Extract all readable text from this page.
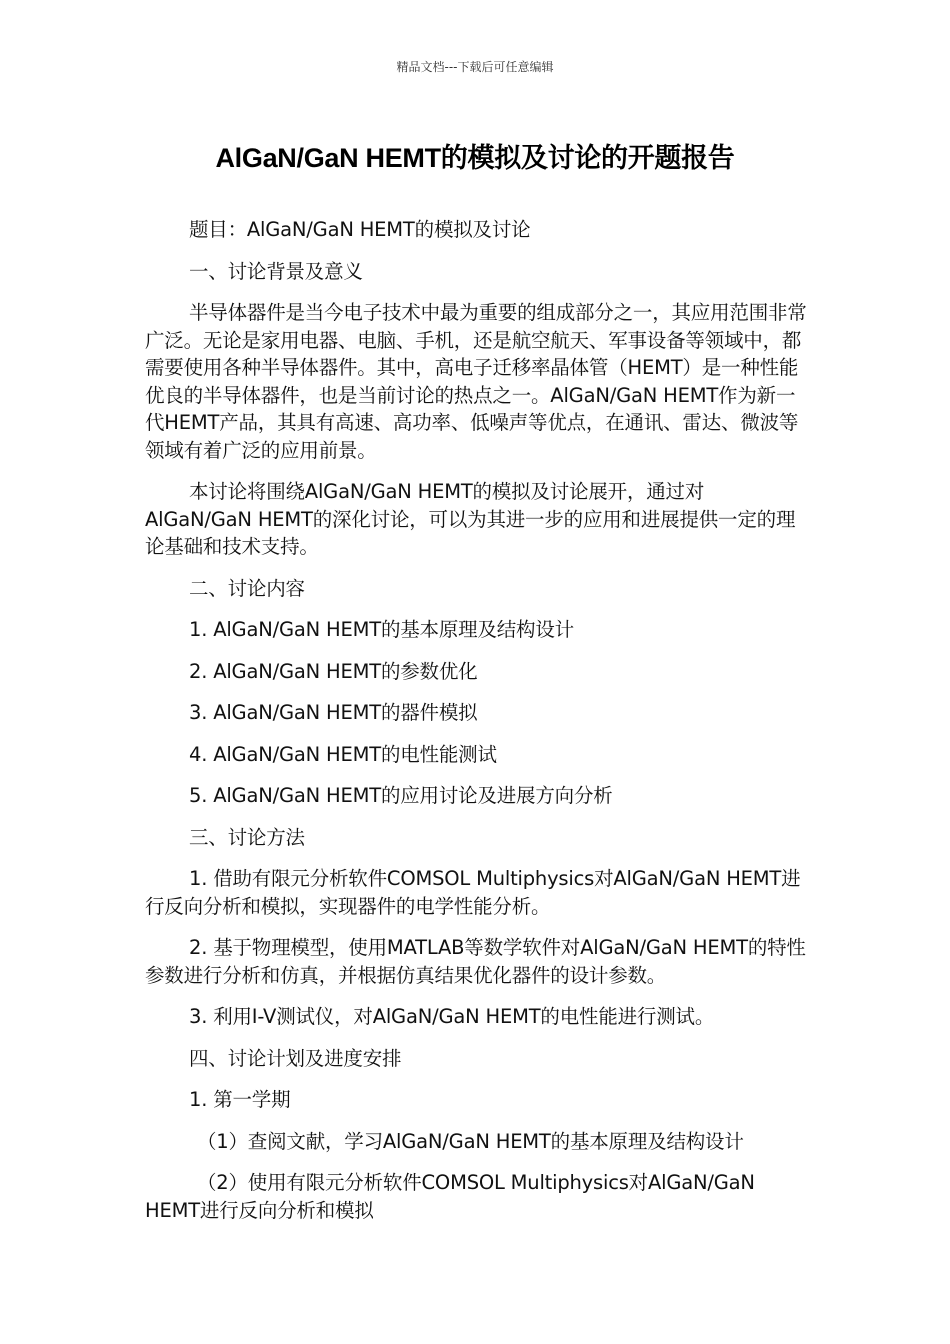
精品文档---下载后可任意编辑
AlGaN/GaN HEMT的模拟及讨论的开题报告

题目：AlGaN/GaN HEMT的模拟及讨论

一、讨论背景及意义

半导体器件是当今电子技术中最为重要的组成部分之一，其应用范围非常广泛。无论是家用电器、电脑、手机，还是航空航天、军事设备等领域中，都需要使用各种半导体器件。其中，高电子迁移率晶体管（HEMT）是一种性能优良的半导体器件，也是当前讨论的热点之一。AlGaN/GaN HEMT作为新一代HEMT产品，其具有高速、高功率、低噪声等优点，在通讯、雷达、微波等领域有着广泛的应用前景。

本讨论将围绕AlGaN/GaN HEMT的模拟及讨论展开，通过对AlGaN/GaN HEMT的深化讨论，可以为其进一步的应用和进展提供一定的理论基础和技术支持。

二、讨论内容

1. AlGaN/GaN HEMT的基本原理及结构设计

2. AlGaN/GaN HEMT的参数优化

3. AlGaN/GaN HEMT的器件模拟

4. AlGaN/GaN HEMT的电性能测试

5. AlGaN/GaN HEMT的应用讨论及进展方向分析

三、讨论方法

1. 借助有限元分析软件COMSOL Multiphysics对AlGaN/GaN HEMT进行反向分析和模拟，实现器件的电学性能分析。

2. 基于物理模型，使用MATLAB等数学软件对AlGaN/GaN HEMT的特性参数进行分析和仿真，并根据仿真结果优化器件的设计参数。

3. 利用I-V测试仪，对AlGaN/GaN HEMT的电性能进行测试。

四、讨论计划及进度安排

1. 第一学期

（1）查阅文献，学习AlGaN/GaN HEMT的基本原理及结构设计

（2）使用有限元分析软件COMSOL Multiphysics对AlGaN/GaN HEMT进行反向分析和模拟
